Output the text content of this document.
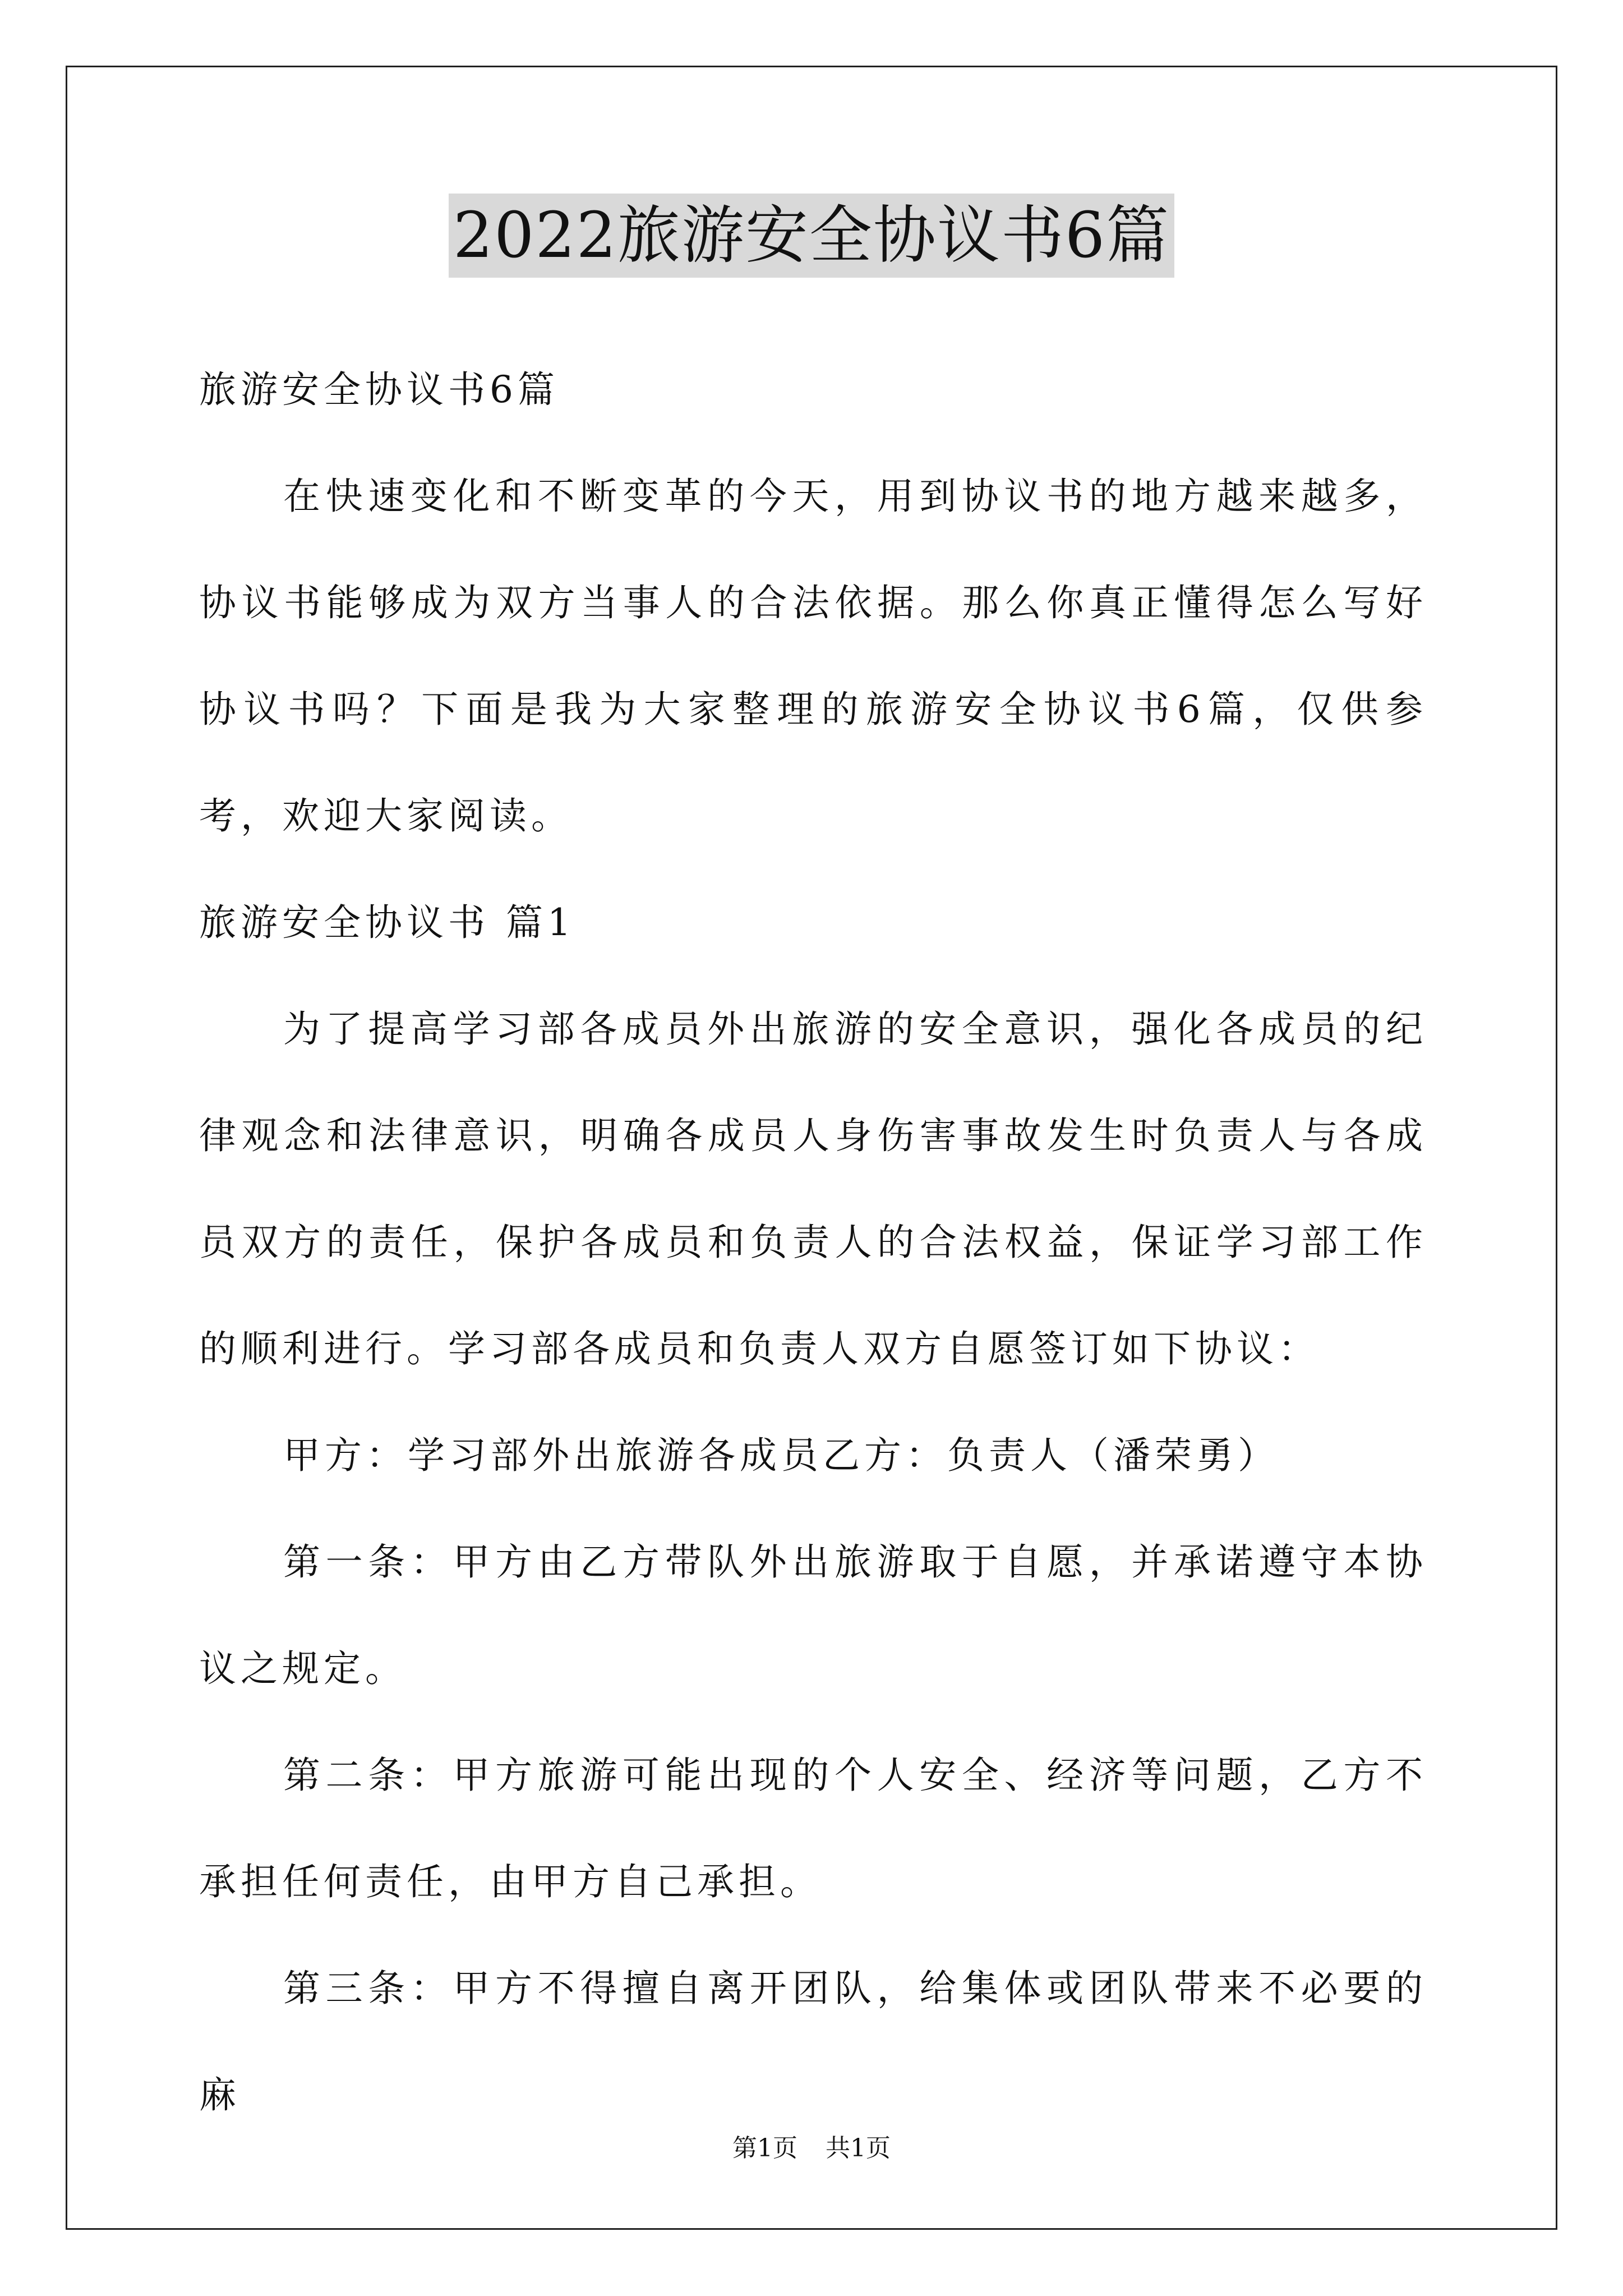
2022旅游安全协议书6篇

旅游安全协议书6篇

在快速变化和不断变革的今天，用到协议书的地方越来越多，协议书能够成为双方当事人的合法依据。那么你真正懂得怎么写好协议书吗？下面是我为大家整理的旅游安全协议书6篇，仅供参考，欢迎大家阅读。

旅游安全协议书 篇1

为了提高学习部各成员外出旅游的安全意识，强化各成员的纪律观念和法律意识，明确各成员人身伤害事故发生时负责人与各成员双方的责任，保护各成员和负责人的合法权益，保证学习部工作的顺利进行。学习部各成员和负责人双方自愿签订如下协议：

甲方：学习部外出旅游各成员乙方：负责人（潘荣勇）

第一条：甲方由乙方带队外出旅游取于自愿，并承诺遵守本协议之规定。

第二条：甲方旅游可能出现的个人安全、经济等问题，乙方不承担任何责任，由甲方自己承担。

第三条：甲方不得擅自离开团队，给集体或团队带来不必要的麻

第1页 共1页
